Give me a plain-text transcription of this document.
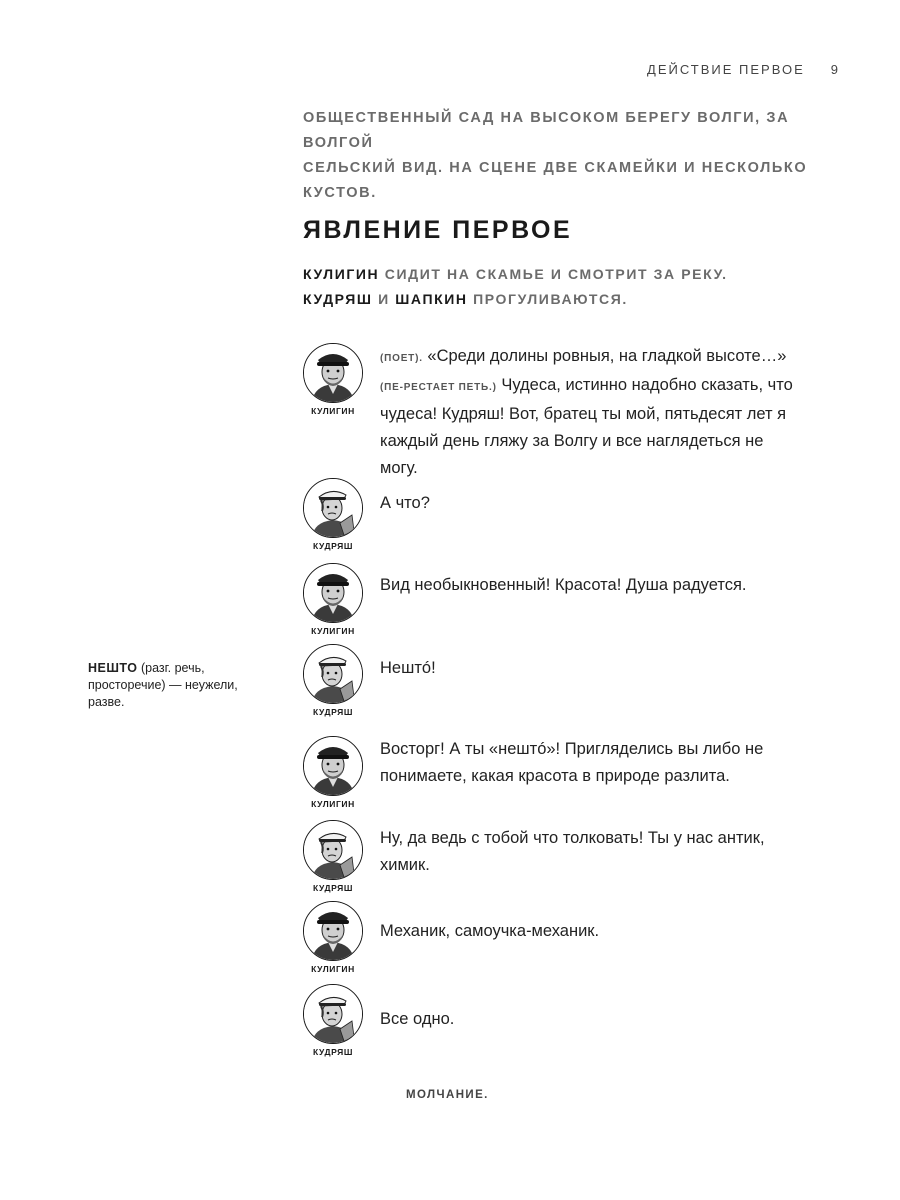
ДЕЙСТВИЕ ПЕРВОЕ 9

ОБЩЕСТВЕННЫЙ САД НА ВЫСОКОМ БЕРЕГУ ВОЛГИ, ЗА ВОЛГОЙ

СЕЛЬСКИЙ ВИД. НА СЦЕНЕ ДВЕ СКАМЕЙКИ И НЕСКОЛЬКО КУСТОВ.

ЯВЛЕНИЕ ПЕРВОЕ
КУЛИГИН СИДИТ НА СКАМЬЕ И СМОТРИТ ЗА РЕКУ.
КУДРЯШ И ШАПКИН ПРОГУЛИВАЮТСЯ.
КУЛИГИН
(ПОЕТ). «Среди долины ровныя, на гладкой высоте…» (ПЕ-РЕСТАЕТ ПЕТЬ.) Чудеса, истинно надобно сказать, что чудеса! Кудряш! Вот, братец ты мой, пятьдесят лет я каждый день гляжу за Волгу и все наглядеться не могу.
КУДРЯШ
А что?
КУЛИГИН
Вид необыкновенный! Красота! Душа радуется.
НЕШТО (разг. речь, просторечие) — неужели, разве.
КУДРЯШ
Нештó!
КУЛИГИН
Восторг! А ты «нештó»! Пригляделись вы либо не понимаете, какая красота в природе разлита.
КУДРЯШ
Ну, да ведь с тобой что толковать! Ты у нас антик, химик.
КУЛИГИН
Механик, самоучка-механик.
КУДРЯШ
Все одно.
МОЛЧАНИЕ.
